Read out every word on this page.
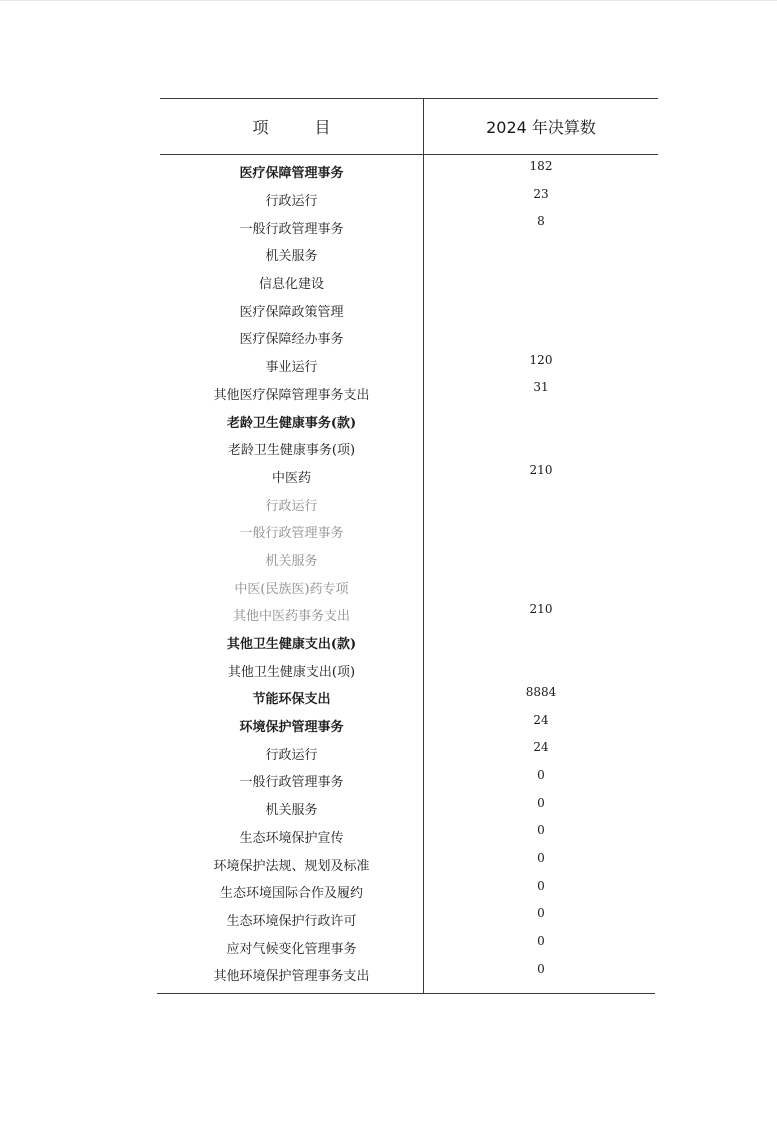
项目	2024 年决算数
医疗保障管理事务
182
行政运行
23
一般行政管理事务
8
机关服务
信息化建设
医疗保障政策管理
医疗保障经办事务
事业运行
120
其他医疗保障管理事务支出
31
老龄卫生健康事务(款)
老龄卫生健康事务(项)
中医药
210
行政运行
一般行政管理事务
机关服务
中医(民族医)药专项
其他中医药事务支出
210
其他卫生健康支出(款)
其他卫生健康支出(项)
节能环保支出
8884
环境保护管理事务
24
行政运行
24
一般行政管理事务
0
机关服务
0
生态环境保护宣传
0
环境保护法规、规划及标准
0
生态环境国际合作及履约
0
生态环境保护行政许可
0
应对气候变化管理事务
0
其他环境保护管理事务支出
0
